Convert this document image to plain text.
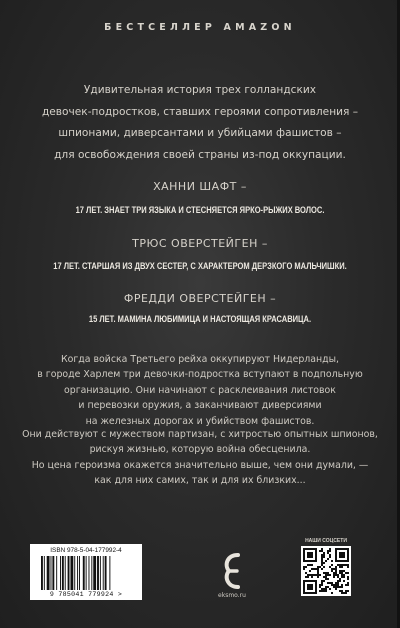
БЕСТСЕЛЛЕР AMAZON
Удивительная история трех голландских
девочек-подростков, ставших героями сопротивления –
шпионами, диверсантами и убийцами фашистов –
для освобождения своей страны из-под оккупации.
ХАННИ ШАФТ –
17 ЛЕТ. ЗНАЕТ ТРИ ЯЗЫКА И СТЕСНЯЕТСЯ ЯРКО-РЫЖИХ ВОЛОС.
ТРЮС ОВЕРСТЕЙГЕН –
17 ЛЕТ. СТАРШАЯ ИЗ ДВУХ СЕСТЕР, С ХАРАКТЕРОМ ДЕРЗКОГО МАЛЬЧИШКИ.
ФРЕДДИ ОВЕРСТЕЙГЕН –
15 ЛЕТ. МАМИНА ЛЮБИМИЦА И НАСТОЯЩАЯ КРАСАВИЦА.
Когда войска Третьего рейха оккупируют Нидерланды,
в городе Харлем три девочки-подростка вступают в подпольную
организацию. Они начинают с расклеивания листовок
и перевозки оружия, а заканчивают диверсиями
на железных дорогах и убийством фашистов.
Они действуют с мужеством партизан, с хитростью опытных шпионов,
рискуя жизнью, которую война обесценила.
Но цена героизма окажется значительно выше, чем они думали, —
как для них самих, так и для их близких...
ISBN 978-5-04-177992-4
9 785041 779924 >	eksmo.ru
НАШИ СОЦСЕТИ
